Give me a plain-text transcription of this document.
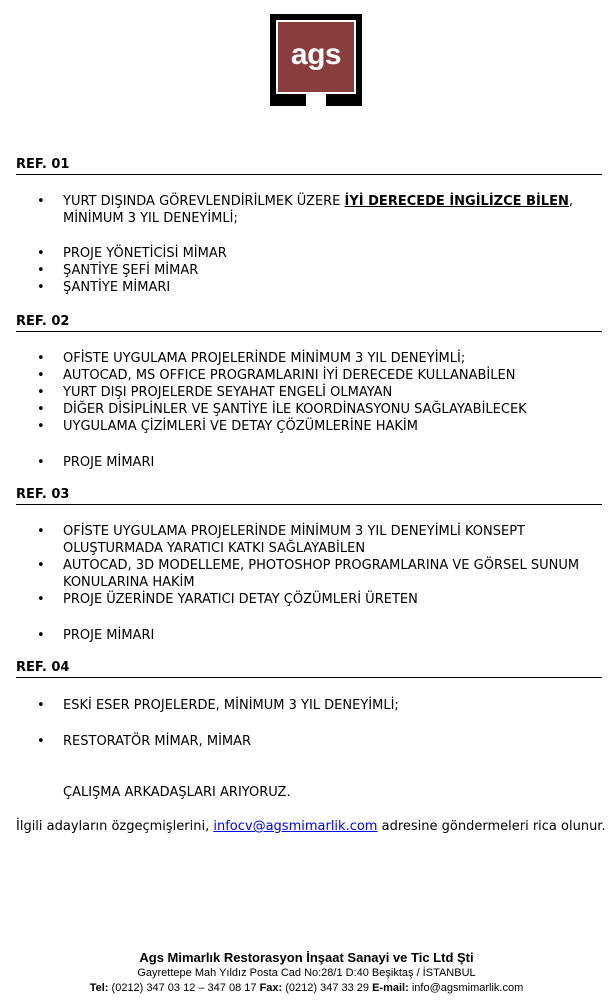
ags
REF. 01
• YURT DIŞINDA GÖREVLENDİRİLMEK ÜZERE İYİ DERECEDE İNGİLİZCE BİLEN, MİNİMUM 3 YIL DENEYİMLİ;
• PROJE YÖNETİCİSİ MİMAR
• ŞANTİYE ŞEFİ MİMAR
• ŞANTİYE MİMARI
REF. 02
• OFİSTE UYGULAMA PROJELERİNDE MİNİMUM 3 YIL DENEYİMLİ;
• AUTOCAD, MS OFFICE PROGRAMLARINI İYİ DERECEDE KULLANABİLEN
• YURT DIŞI PROJELERDE SEYAHAT ENGELİ OLMAYAN
• DİĞER DİSİPLİNLER VE ŞANTİYE İLE KOORDİNASYONU SAĞLAYABİLECEK
• UYGULAMA ÇİZİMLERİ VE DETAY ÇÖZÜMLERİNE HAKİM
• PROJE MİMARI
REF. 03
• OFİSTE UYGULAMA PROJELERİNDE MİNİMUM 3 YIL DENEYİMLİ KONSEPT OLUŞTURMADA YARATICI KATKI SAĞLAYABİLEN
• AUTOCAD, 3D MODELLEME, PHOTOSHOP PROGRAMLARINA VE GÖRSEL SUNUM KONULARINA HAKİM
• PROJE ÜZERİNDE YARATICI DETAY ÇÖZÜMLERİ ÜRETEN
• PROJE MİMARI
REF. 04
• ESKİ ESER PROJELERDE, MİNİMUM 3 YIL DENEYİMLİ;
• RESTORATÖR MİMAR, MİMAR
ÇALIŞMA ARKADAŞLARI ARIYORUZ.
İlgili adayların özgeçmişlerini, infocv@agsmimarlik.com adresine göndermeleri rica olunur.
Ags Mimarlık Restorasyon İnşaat Sanayi ve Tic Ltd Şti
Gayrettepe Mah Yıldız Posta Cad No:28/1 D:40 Beşiktaş / İSTANBUL
Tel: (0212) 347 03 12 – 347 08 17 Fax: (0212) 347 33 29 E-mail: info@agsmimarlik.com
